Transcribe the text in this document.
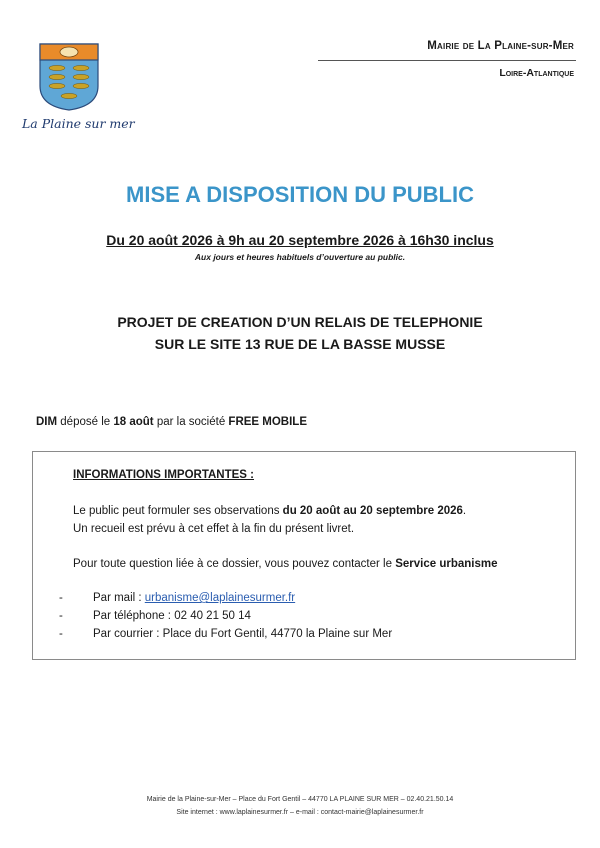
La Plaine sur mer
Mairie de La Plaine-sur-Mer
Loire-Atlantique
MISE A DISPOSITION DU PUBLIC
Du 20 août 2026 à 9h au 20 septembre 2026 à 16h30 inclus
Aux jours et heures habituels d’ouverture au public.
PROJET DE CREATION D’UN RELAIS DE TELEPHONIE
SUR LE SITE 13 RUE DE LA BASSE MUSSE
DIM déposé le 18 août par la société FREE MOBILE
INFORMATIONS IMPORTANTES :
Le public peut formuler ses observations du 20 août au 20 septembre 2026.
Un recueil est prévu à cet effet à la fin du présent livret.
Pour toute question liée à ce dossier, vous pouvez contacter le Service urbanisme
-	Par mail : urbanisme@laplainesurmer.fr
-	Par téléphone : 02 40 21 50 14
-	Par courrier : Place du Fort Gentil, 44770 la Plaine sur Mer
Mairie de la Plaine-sur-Mer – Place du Fort Gentil – 44770 LA PLAINE SUR MER – 02.40.21.50.14
Site internet : www.laplainesurmer.fr – e-mail : contact-mairie@laplainesurmer.fr
